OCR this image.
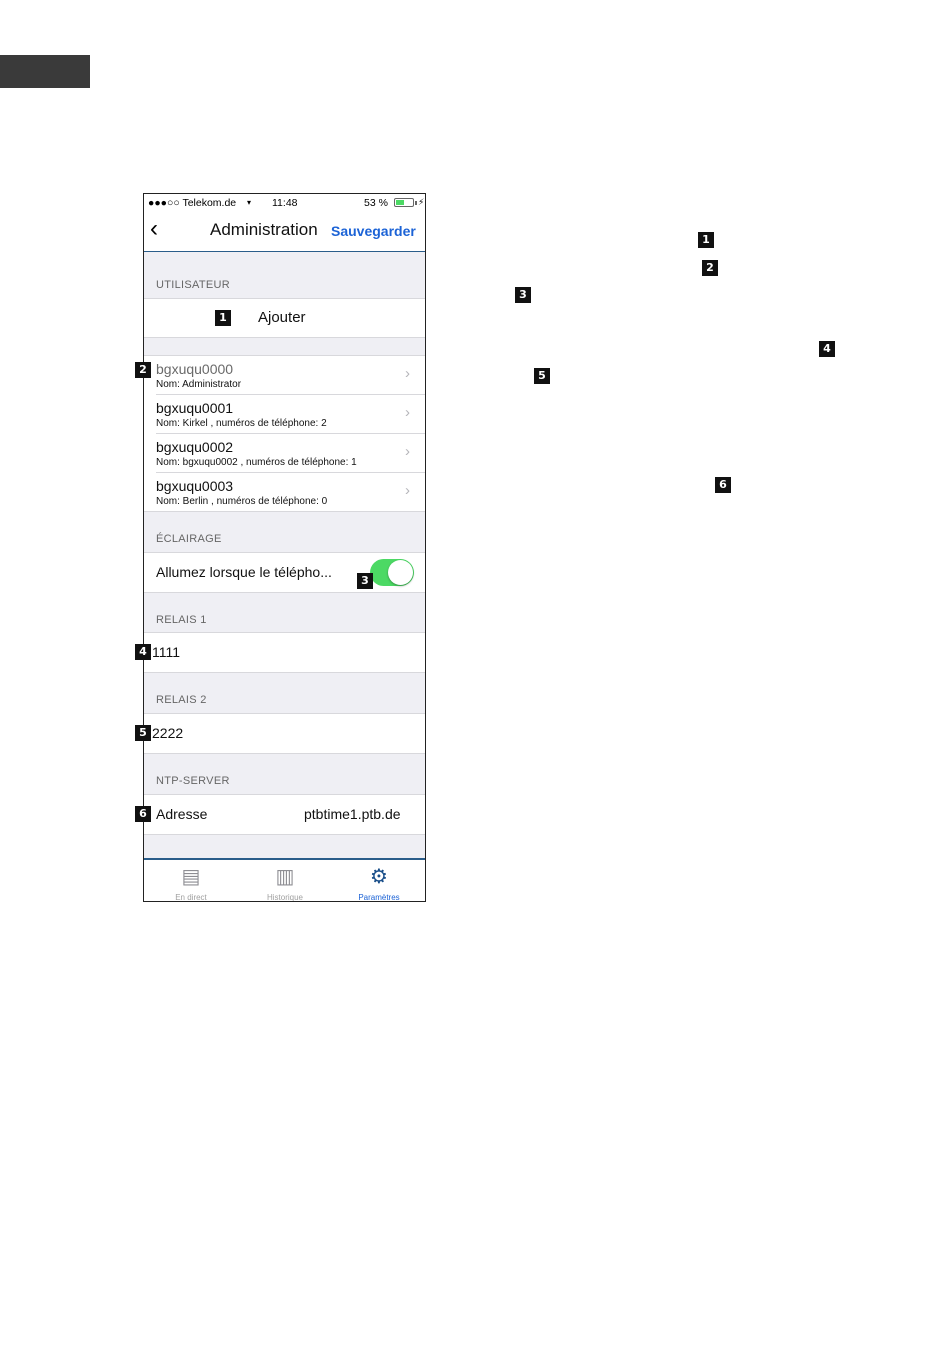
●●●○○ Telekom.de ▾ 11:48	53 %	⚡
‹	Administration Sauvegarder
UTILISATEUR
1 Ajouter
bgxuqu0000
Nom: Administrator
›
bgxuqu0001
Nom: Kirkel , numéros de téléphone: 2
›
bgxuqu0002
Nom: bgxuqu0002 , numéros de téléphone: 1
›
bgxuqu0003
Nom: Berlin , numéros de téléphone: 0
›
ÉCLAIRAGE
Allumez lorsque le télépho...
RELAIS 1
1111
RELAIS 2
2222
NTP-SERVER
Adresse	ptbtime1.ptb.de
▤
En direct
▥
Historique
⚙
Paramètres
2
3
4
5
6
1
2
3
4
5
6
